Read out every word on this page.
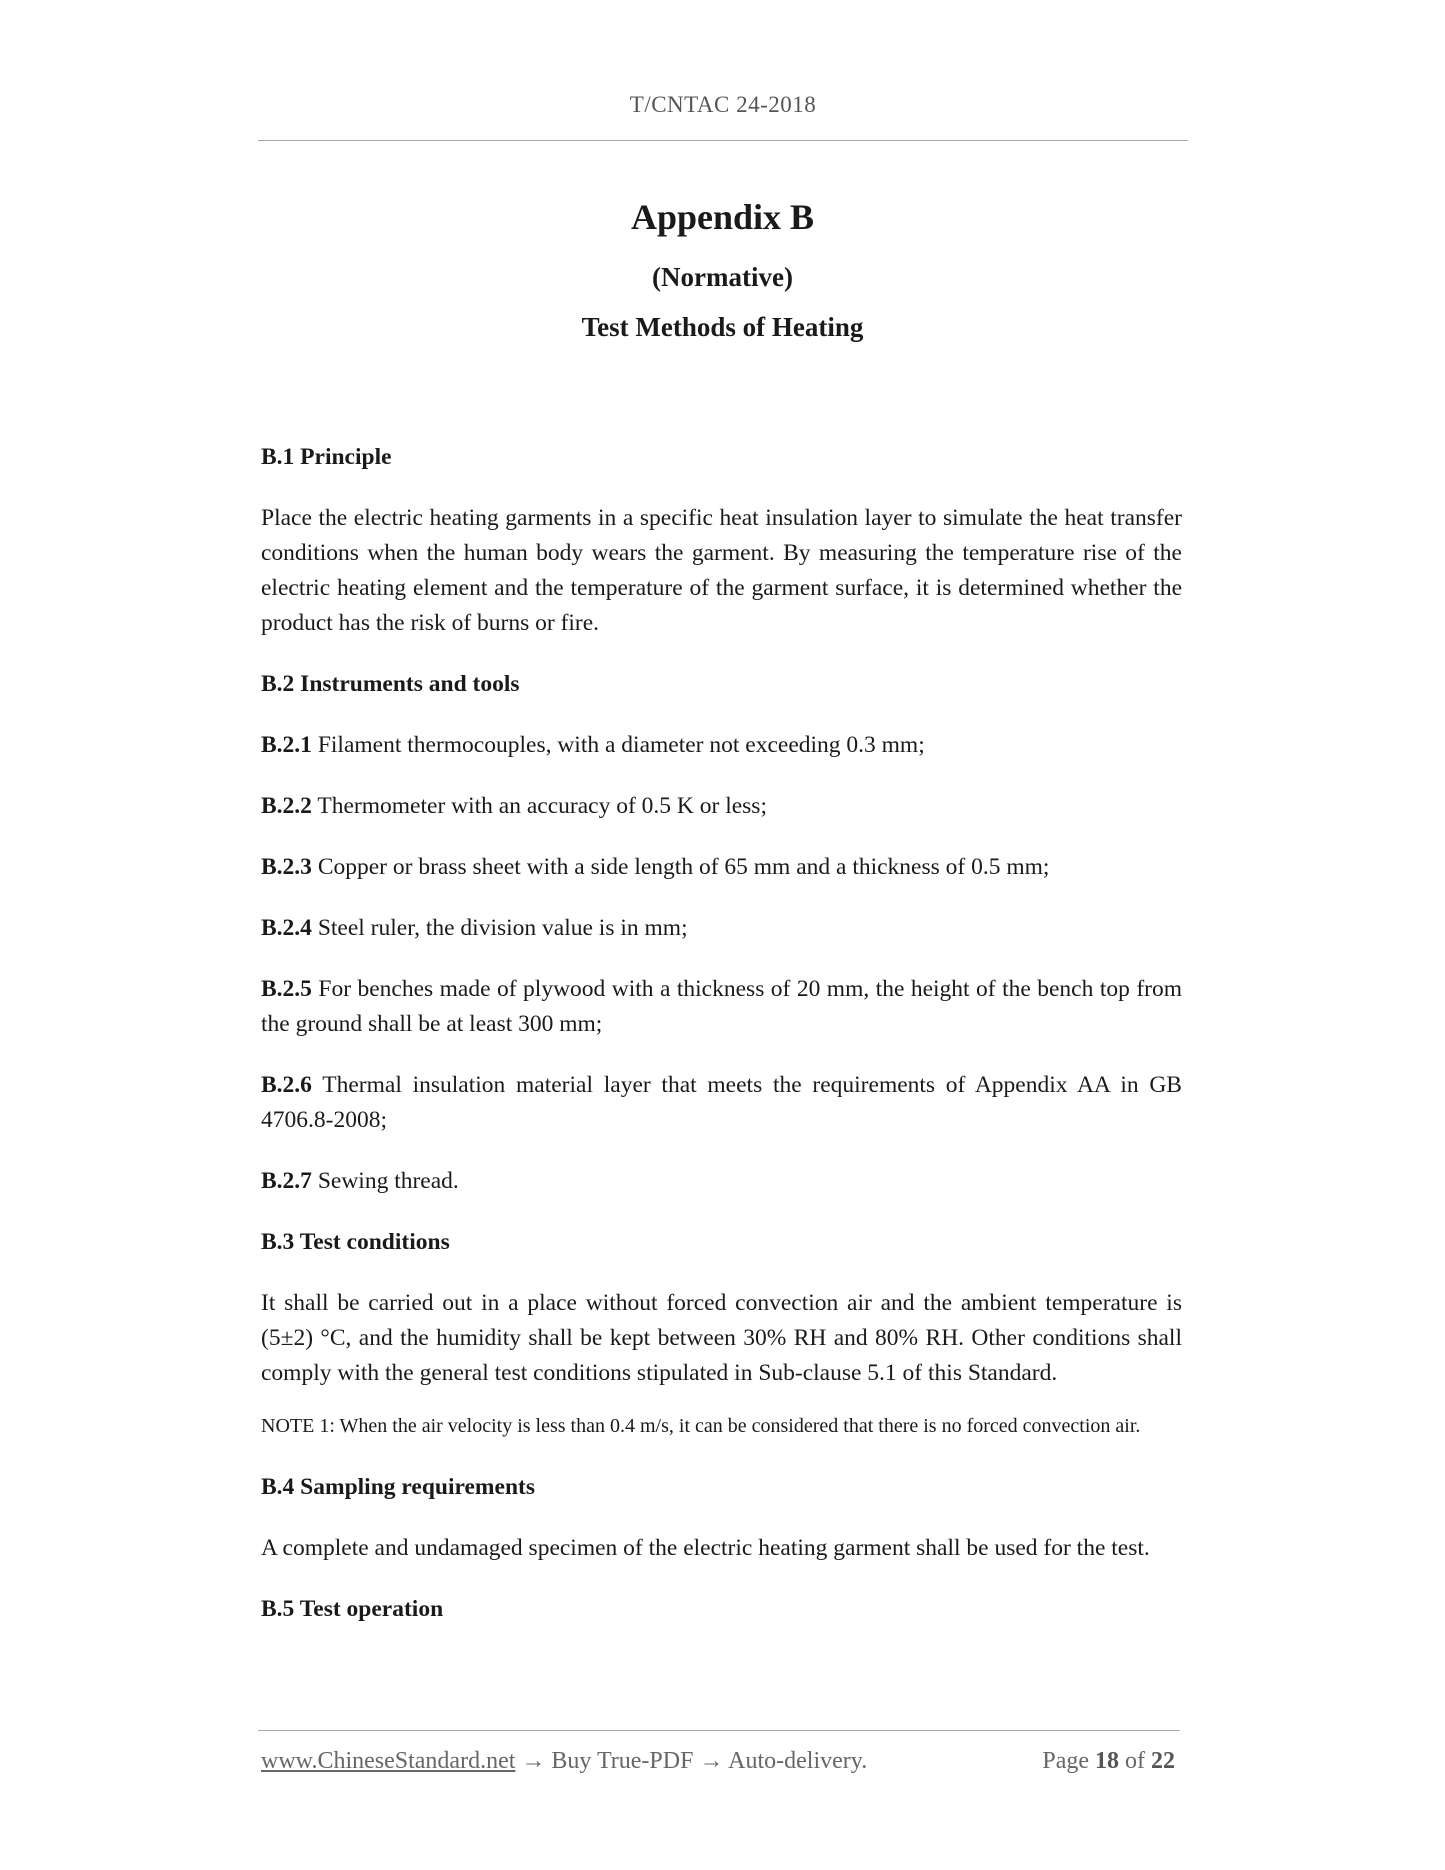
T/CNTAC 24-2018
Appendix B
(Normative)
Test Methods of Heating

B.1 Principle

Place the electric heating garments in a specific heat insulation layer to simulate the heat transfer conditions when the human body wears the garment. By measuring the temperature rise of the electric heating element and the temperature of the garment surface, it is determined whether the product has the risk of burns or fire.

B.2 Instruments and tools

B.2.1 Filament thermocouples, with a diameter not exceeding 0.3 mm;

B.2.2 Thermometer with an accuracy of 0.5 K or less;

B.2.3 Copper or brass sheet with a side length of 65 mm and a thickness of 0.5 mm;

B.2.4 Steel ruler, the division value is in mm;

B.2.5 For benches made of plywood with a thickness of 20 mm, the height of the bench top from the ground shall be at least 300 mm;

B.2.6 Thermal insulation material layer that meets the requirements of Appendix AA in GB 4706.8-2008;

B.2.7 Sewing thread.

B.3 Test conditions

It shall be carried out in a place without forced convection air and the ambient temperature is (5±2) °C, and the humidity shall be kept between 30% RH and 80% RH. Other conditions shall comply with the general test conditions stipulated in Sub-clause 5.1 of this Standard.

NOTE 1: When the air velocity is less than 0.4 m/s, it can be considered that there is no forced convection air.

B.4 Sampling requirements

A complete and undamaged specimen of the electric heating garment shall be used for the test.

B.5 Test operation

www.ChineseStandard.net → Buy True-PDF → Auto-delivery.	Page 18 of 22
